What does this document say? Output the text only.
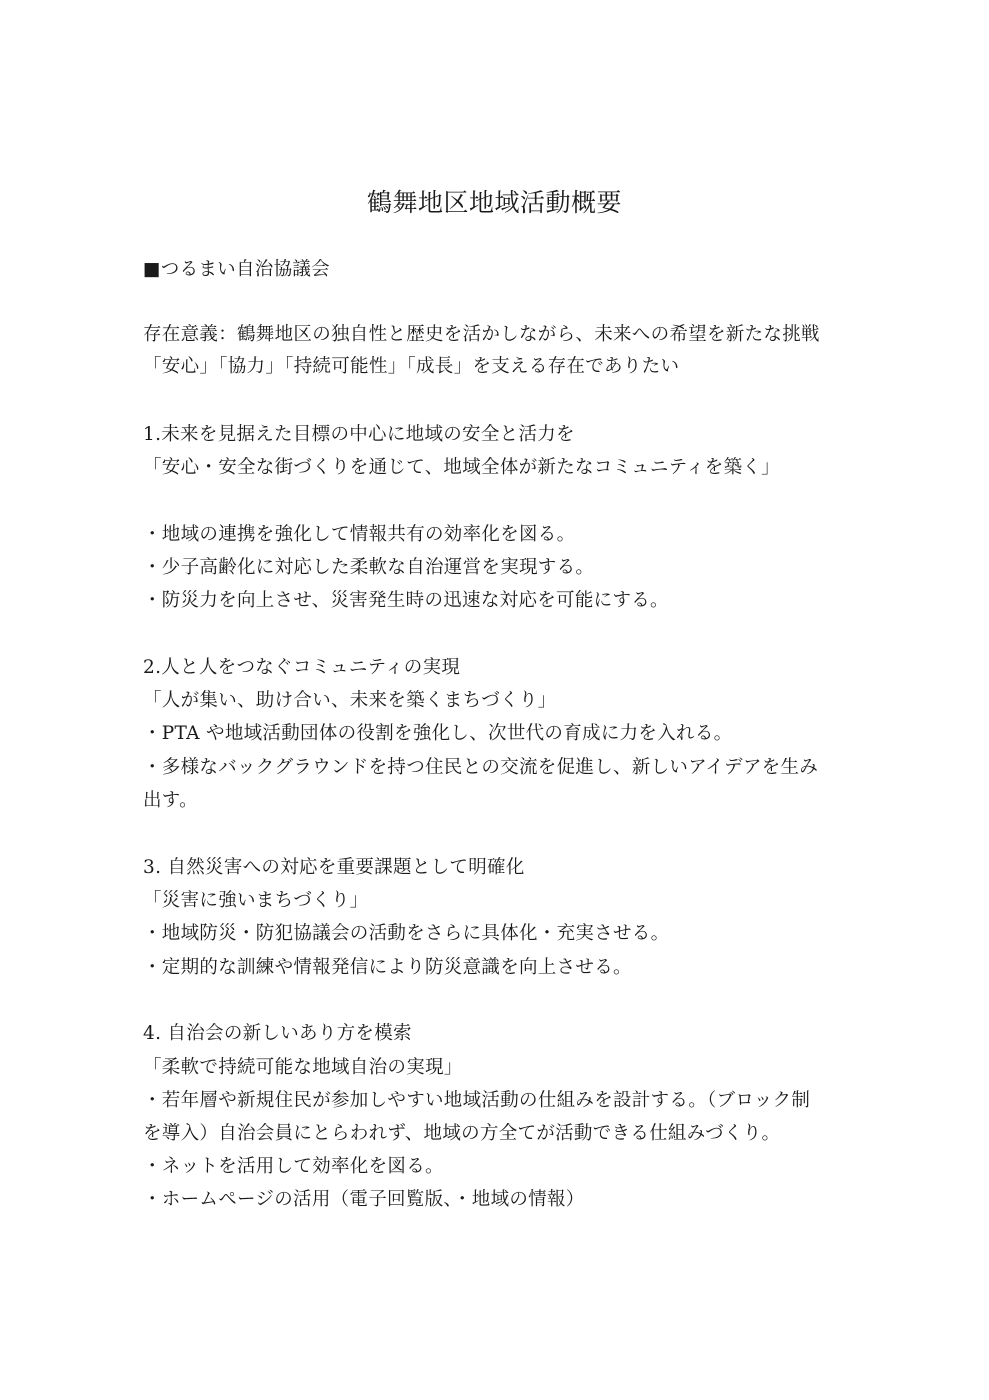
鶴舞地区地域活動概要
■つるまい自治協議会
存在意義：鶴舞地区の独自性と歴史を活かしながら、未来への希望を新たな挑戦
「安心」「協力」「持続可能性」「成長」を支える存在でありたい
1.未来を見据えた目標の中心に地域の安全と活力を
「安心・安全な街づくりを通じて、地域全体が新たなコミュニティを築く」
・地域の連携を強化して情報共有の効率化を図る。
・少子高齢化に対応した柔軟な自治運営を実現する。
・防災力を向上させ、災害発生時の迅速な対応を可能にする。
2.人と人をつなぐコミュニティの実現
「人が集い、助け合い、未来を築くまちづくり」
・PTA や地域活動団体の役割を強化し、次世代の育成に力を入れる。
・多様なバックグラウンドを持つ住民との交流を促進し、新しいアイデアを生み
出す。
3. 自然災害への対応を重要課題として明確化
「災害に強いまちづくり」
・地域防災・防犯協議会の活動をさらに具体化・充実させる。
・定期的な訓練や情報発信により防災意識を向上させる。
4. 自治会の新しいあり方を模索
「柔軟で持続可能な地域自治の実現」
・若年層や新規住民が参加しやすい地域活動の仕組みを設計する。（ブロック制
を導入）自治会員にとらわれず、地域の方全てが活動できる仕組みづくり。
・ネットを活用して効率化を図る。
・ホームページの活用（電子回覧版、・地域の情報）
